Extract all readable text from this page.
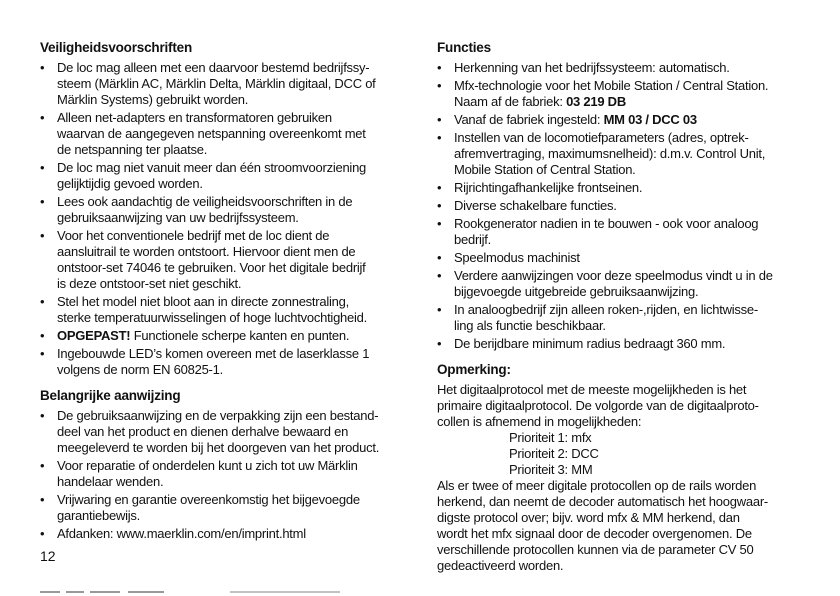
Veiligheidsvoorschriften
• De loc mag alleen met een daarvoor bestemd bedrijfssy-
steem (Märklin AC, Märklin Delta, Märklin digitaal, DCC of
Märklin Systems) gebruikt worden.
• Alleen net-adapters en transformatoren gebruiken
waarvan de aangegeven netspanning overeenkomt met
de netspanning ter plaatse.
• De loc mag niet vanuit meer dan één stroomvoorziening
gelijktijdig gevoed worden.
• Lees ook aandachtig de veiligheidsvoorschriften in de
gebruiksaanwijzing van uw bedrijfssysteem.
• Voor het conventionele bedrijf met de loc dient de
aansluitrail te worden ontstoort. Hiervoor dient men de
ontstoor-set 74046 te gebruiken. Voor het digitale bedrijf
is deze ontstoor-set niet geschikt.
• Stel het model niet bloot aan in directe zonnestraling,
sterke temperatuurwisselingen of hoge luchtvochtigheid.
• OPGEPAST! Functionele scherpe kanten en punten.
• Ingebouwde LED’s komen overeen met de laserklasse 1
volgens de norm EN 60825-1.
Belangrijke aanwijzing
• De gebruiksaanwijzing en de verpakking zijn een bestand-
deel van het product en dienen derhalve bewaard en
meegeleverd te worden bij het doorgeven van het product.
• Voor reparatie of onderdelen kunt u zich tot uw Märklin
handelaar wenden.
• Vrijwaring en garantie overeenkomstig het bijgevoegde
garantiebewijs.
• Afdanken: www.maerklin.com/en/imprint.html
Functies
• Herkenning van het bedrijfssysteem: automatisch.
• Mfx-technologie voor het Mobile Station / Central Station.
Naam af de fabriek: 03 219 DB
• Vanaf de fabriek ingesteld: MM 03 / DCC 03
• Instellen van de locomotiefparameters (adres, optrek-
afremvertraging, maximumsnelheid): d.m.v. Control Unit,
Mobile Station of Central Station.
• Rijrichtingafhankelijke frontseinen.
• Diverse schakelbare functies.
• Rookgenerator nadien in te bouwen - ook voor analoog
bedrijf.
• Speelmodus machinist
• Verdere aanwijzingen voor deze speelmodus vindt u in de
bijgevoegde uitgebreide gebruiksaanwijzing.
• In analoogbedrijf zijn alleen roken-,rijden, en lichtwisse-
ling als functie beschikbaar.
• De berijdbare minimum radius bedraagt 360 mm.
Opmerking:
Het digitaalprotocol met de meeste mogelijkheden is het
primaire digitaalprotocol. De volgorde van de digitaalproto-
collen is afnemend in mogelijkheden:
Prioriteit 1: mfx
Prioriteit 2: DCC
Prioriteit 3: MM
Als er twee of meer digitale protocollen op de rails worden
herkend, dan neemt de decoder automatisch het hoogwaar-
digste protocol over; bijv. word mfx & MM herkend, dan
wordt het mfx signaal door de decoder overgenomen. De
verschillende protocollen kunnen via de parameter CV 50
gedeactiveerd worden.
12
